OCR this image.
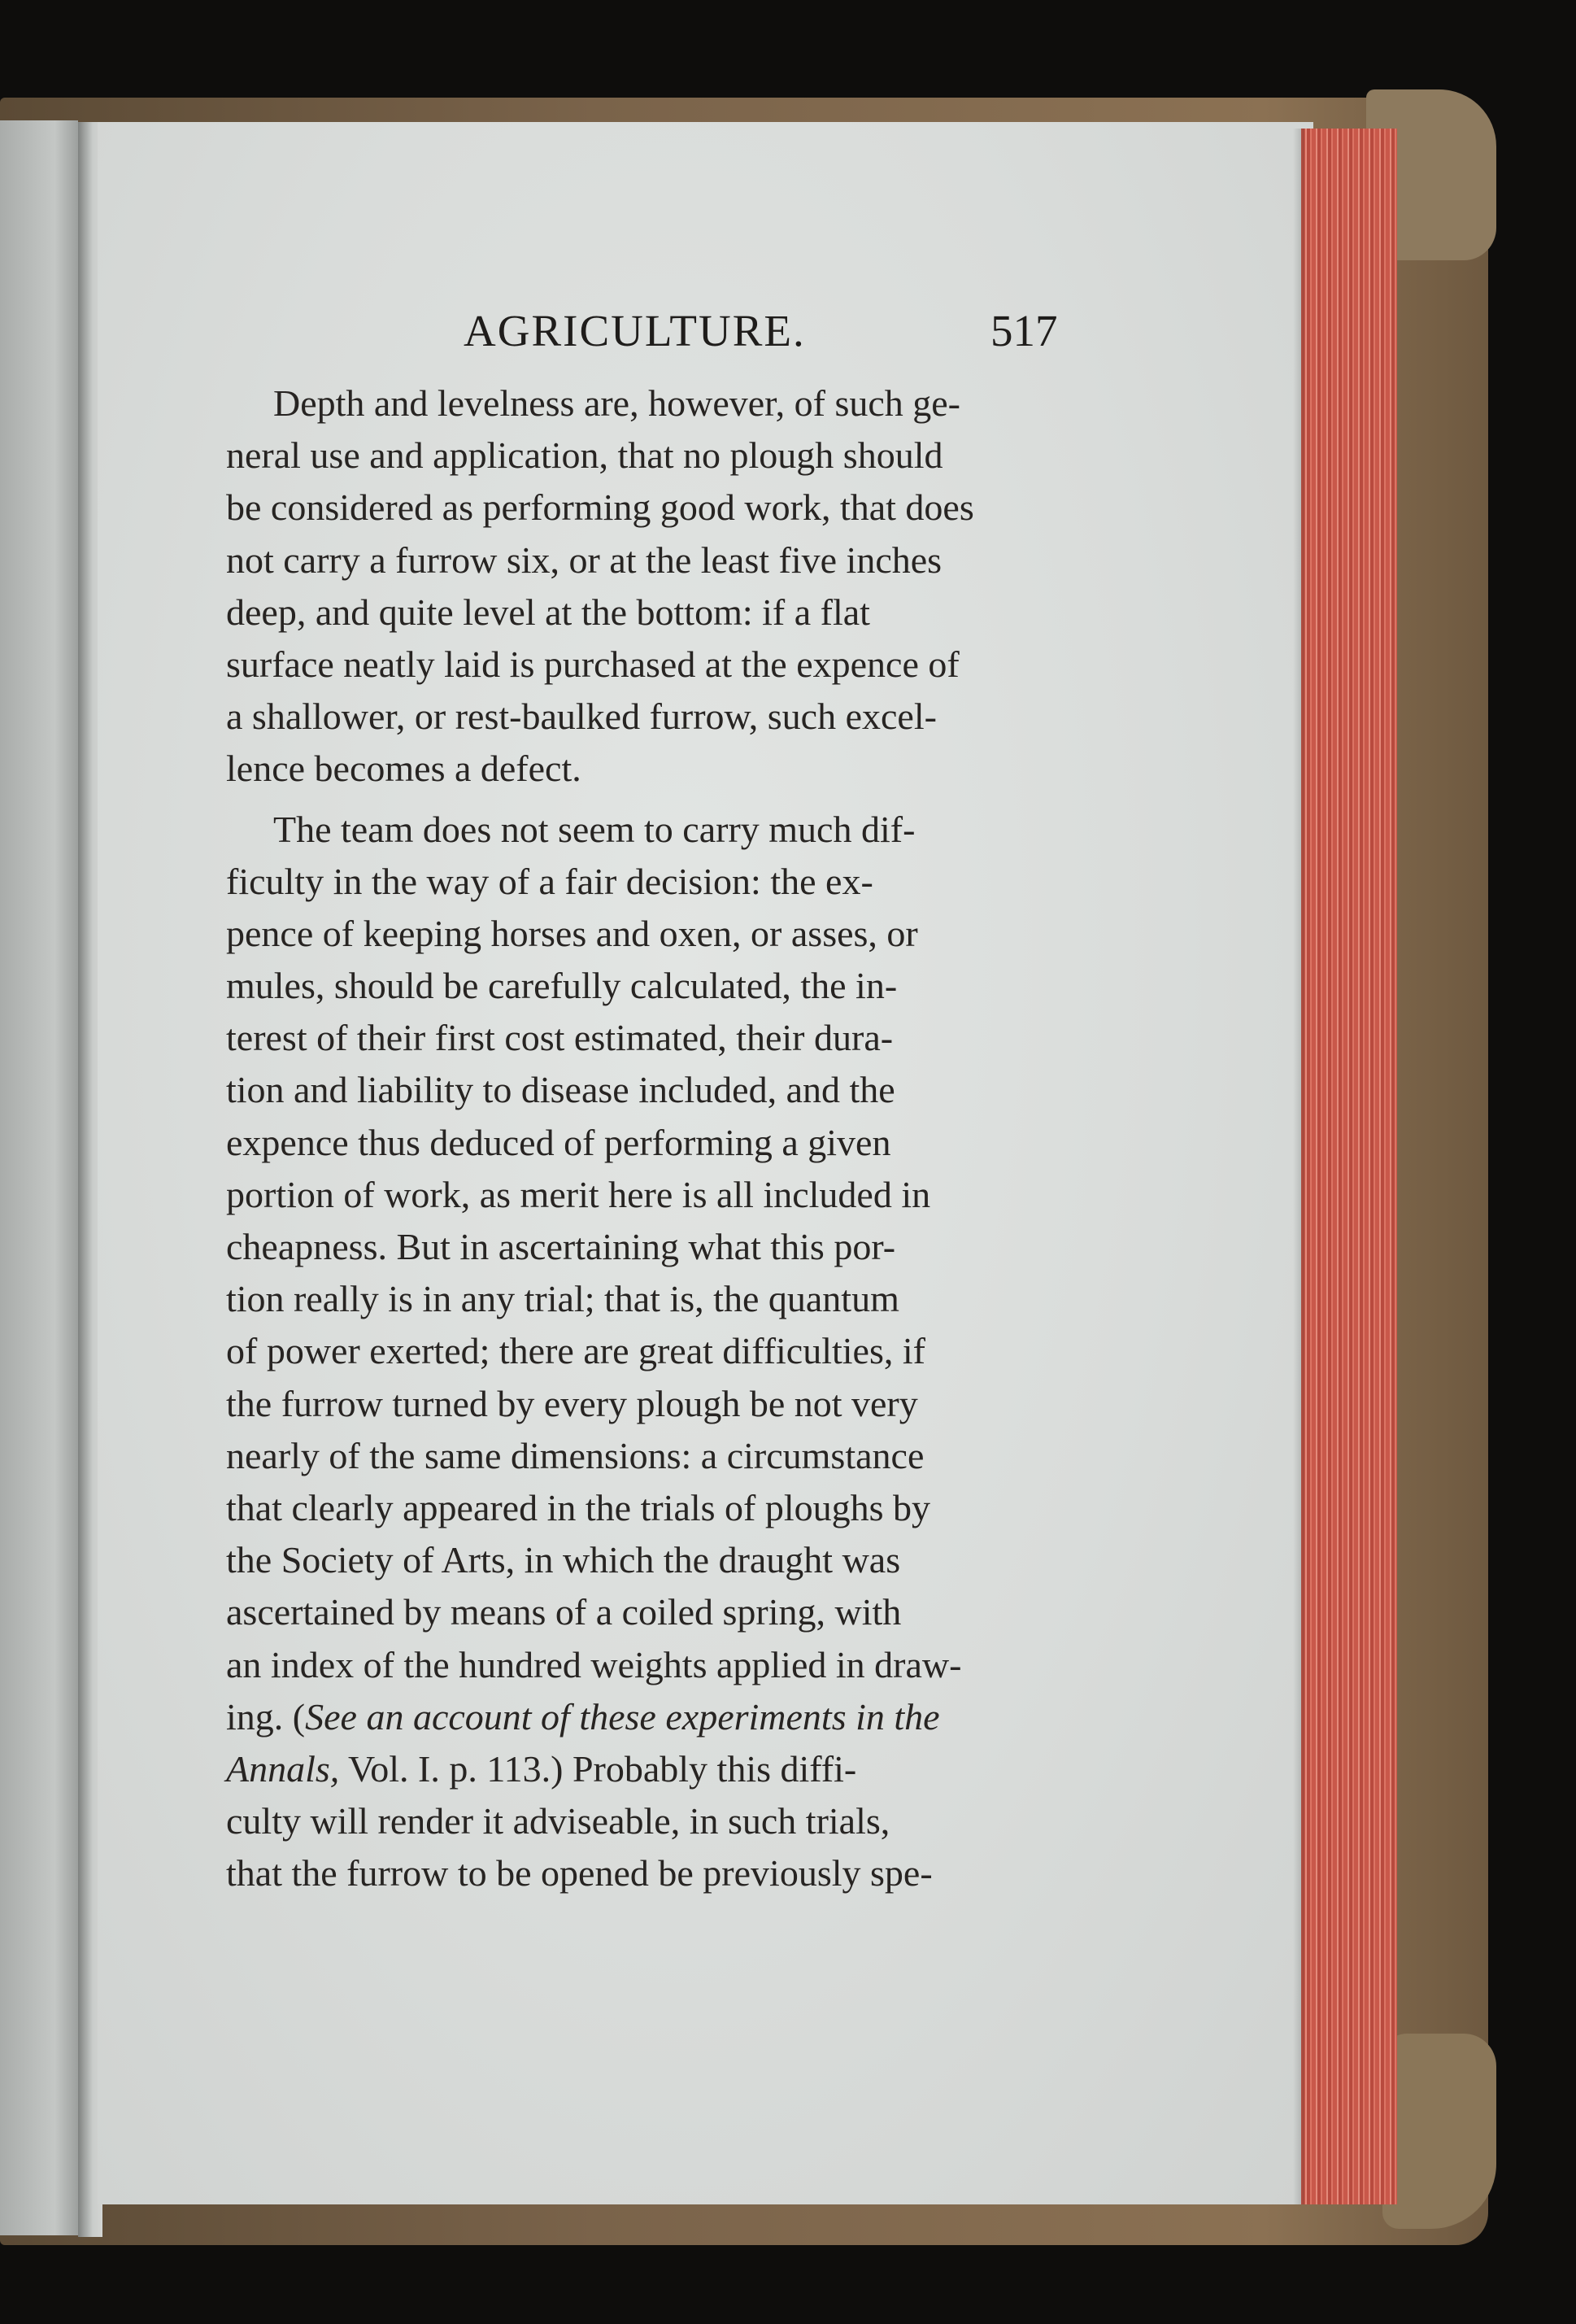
AGRICULTURE.	517
Depth and levelness are, however, of such ge-
neral use and application, that no plough should
be considered as performing good work, that does
not carry a furrow six, or at the least five inches
deep, and quite level at the bottom: if a flat
surface neatly laid is purchased at the expence of
a shallower, or rest-baulked furrow, such excel-
lence becomes a defect.
The team does not seem to carry much dif-
ficulty in the way of a fair decision: the ex-
pence of keeping horses and oxen, or asses, or
mules, should be carefully calculated, the in-
terest of their first cost estimated, their dura-
tion and liability to disease included, and the
expence thus deduced of performing a given
portion of work, as merit here is all included in
cheapness. But in ascertaining what this por-
tion really is in any trial; that is, the quantum
of power exerted; there are great difficulties, if
the furrow turned by every plough be not very
nearly of the same dimensions: a circumstance
that clearly appeared in the trials of ploughs by
the Society of Arts, in which the draught was
ascertained by means of a coiled spring, with
an index of the hundred weights applied in draw-
ing. (See an account of these experiments in the
Annals, Vol. I. p. 113.) Probably this diffi-
culty will render it adviseable, in such trials,
that the furrow to be opened be previously spe-
